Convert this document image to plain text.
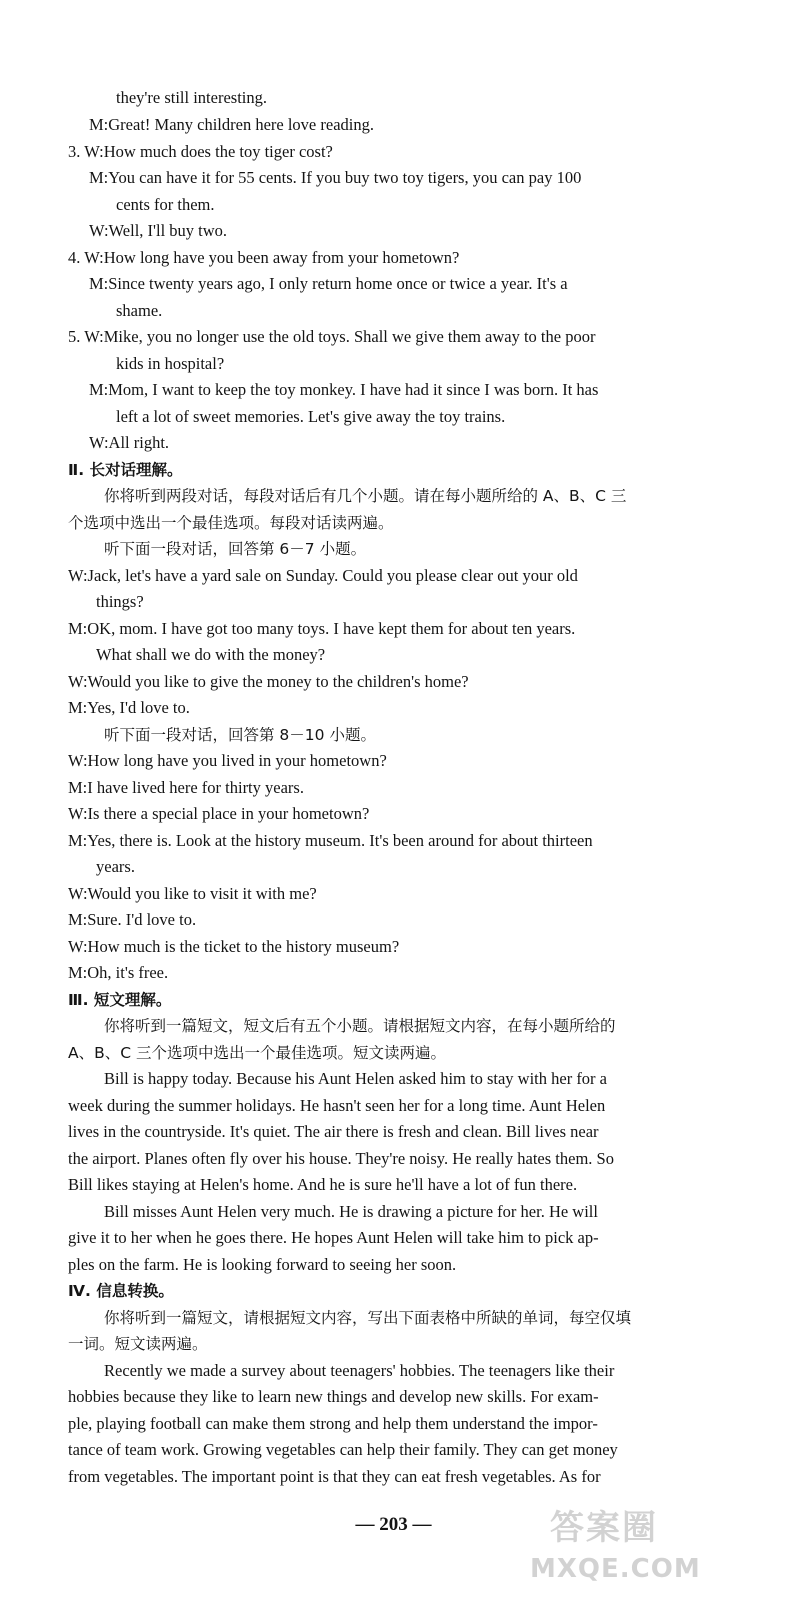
they're still interesting.

M:Great! Many children here love reading.

3. W:How much does the toy tiger cost?

M:You can have it for 55 cents. If you buy two toy tigers, you can pay 100

cents for them.

W:Well, I'll buy two.

4. W:How long have you been away from your hometown?

M:Since twenty years ago, I only return home once or twice a year. It's a

shame.

5. W:Mike, you no longer use the old toys. Shall we give them away to the poor

kids in hospital?

M:Mom, I want to keep the toy monkey. I have had it since I was born. It has

left a lot of sweet memories. Let's give away the toy trains.

W:All right.

Ⅱ. 长对话理解。

你将听到两段对话，每段对话后有几个小题。请在每小题所给的 A、B、C 三

个选项中选出一个最佳选项。每段对话读两遍。

听下面一段对话，回答第 6－7 小题。

W:Jack, let's have a yard sale on Sunday. Could you please clear out your old

things?

M:OK, mom. I have got too many toys. I have kept them for about ten years.

What shall we do with the money?

W:Would you like to give the money to the children's home?

M:Yes, I'd love to.

听下面一段对话，回答第 8－10 小题。

W:How long have you lived in your hometown?

M:I have lived here for thirty years.

W:Is there a special place in your hometown?

M:Yes, there is. Look at the history museum. It's been around for about thirteen

years.

W:Would you like to visit it with me?

M:Sure. I'd love to.

W:How much is the ticket to the history museum?

M:Oh, it's free.

Ⅲ. 短文理解。

你将听到一篇短文，短文后有五个小题。请根据短文内容，在每小题所给的

A、B、C 三个选项中选出一个最佳选项。短文读两遍。

Bill is happy today. Because his Aunt Helen asked him to stay with her for a

week during the summer holidays. He hasn't seen her for a long time. Aunt Helen

lives in the countryside. It's quiet. The air there is fresh and clean. Bill lives near

the airport. Planes often fly over his house. They're noisy. He really hates them. So

Bill likes staying at Helen's home. And he is sure he'll have a lot of fun there.

Bill misses Aunt Helen very much. He is drawing a picture for her. He will

give it to her when he goes there. He hopes Aunt Helen will take him to pick ap-

ples on the farm. He is looking forward to seeing her soon.

Ⅳ. 信息转换。

你将听到一篇短文，请根据短文内容，写出下面表格中所缺的单词，每空仅填

一词。短文读两遍。

Recently we made a survey about teenagers' hobbies. The teenagers like their

hobbies because they like to learn new things and develop new skills. For exam-

ple, playing football can make them strong and help them understand the impor-

tance of team work. Growing vegetables can help their family. They can get money

from vegetables. The important point is that they can eat fresh vegetables. As for

— 203 —	答案圈
MXQE.COM
